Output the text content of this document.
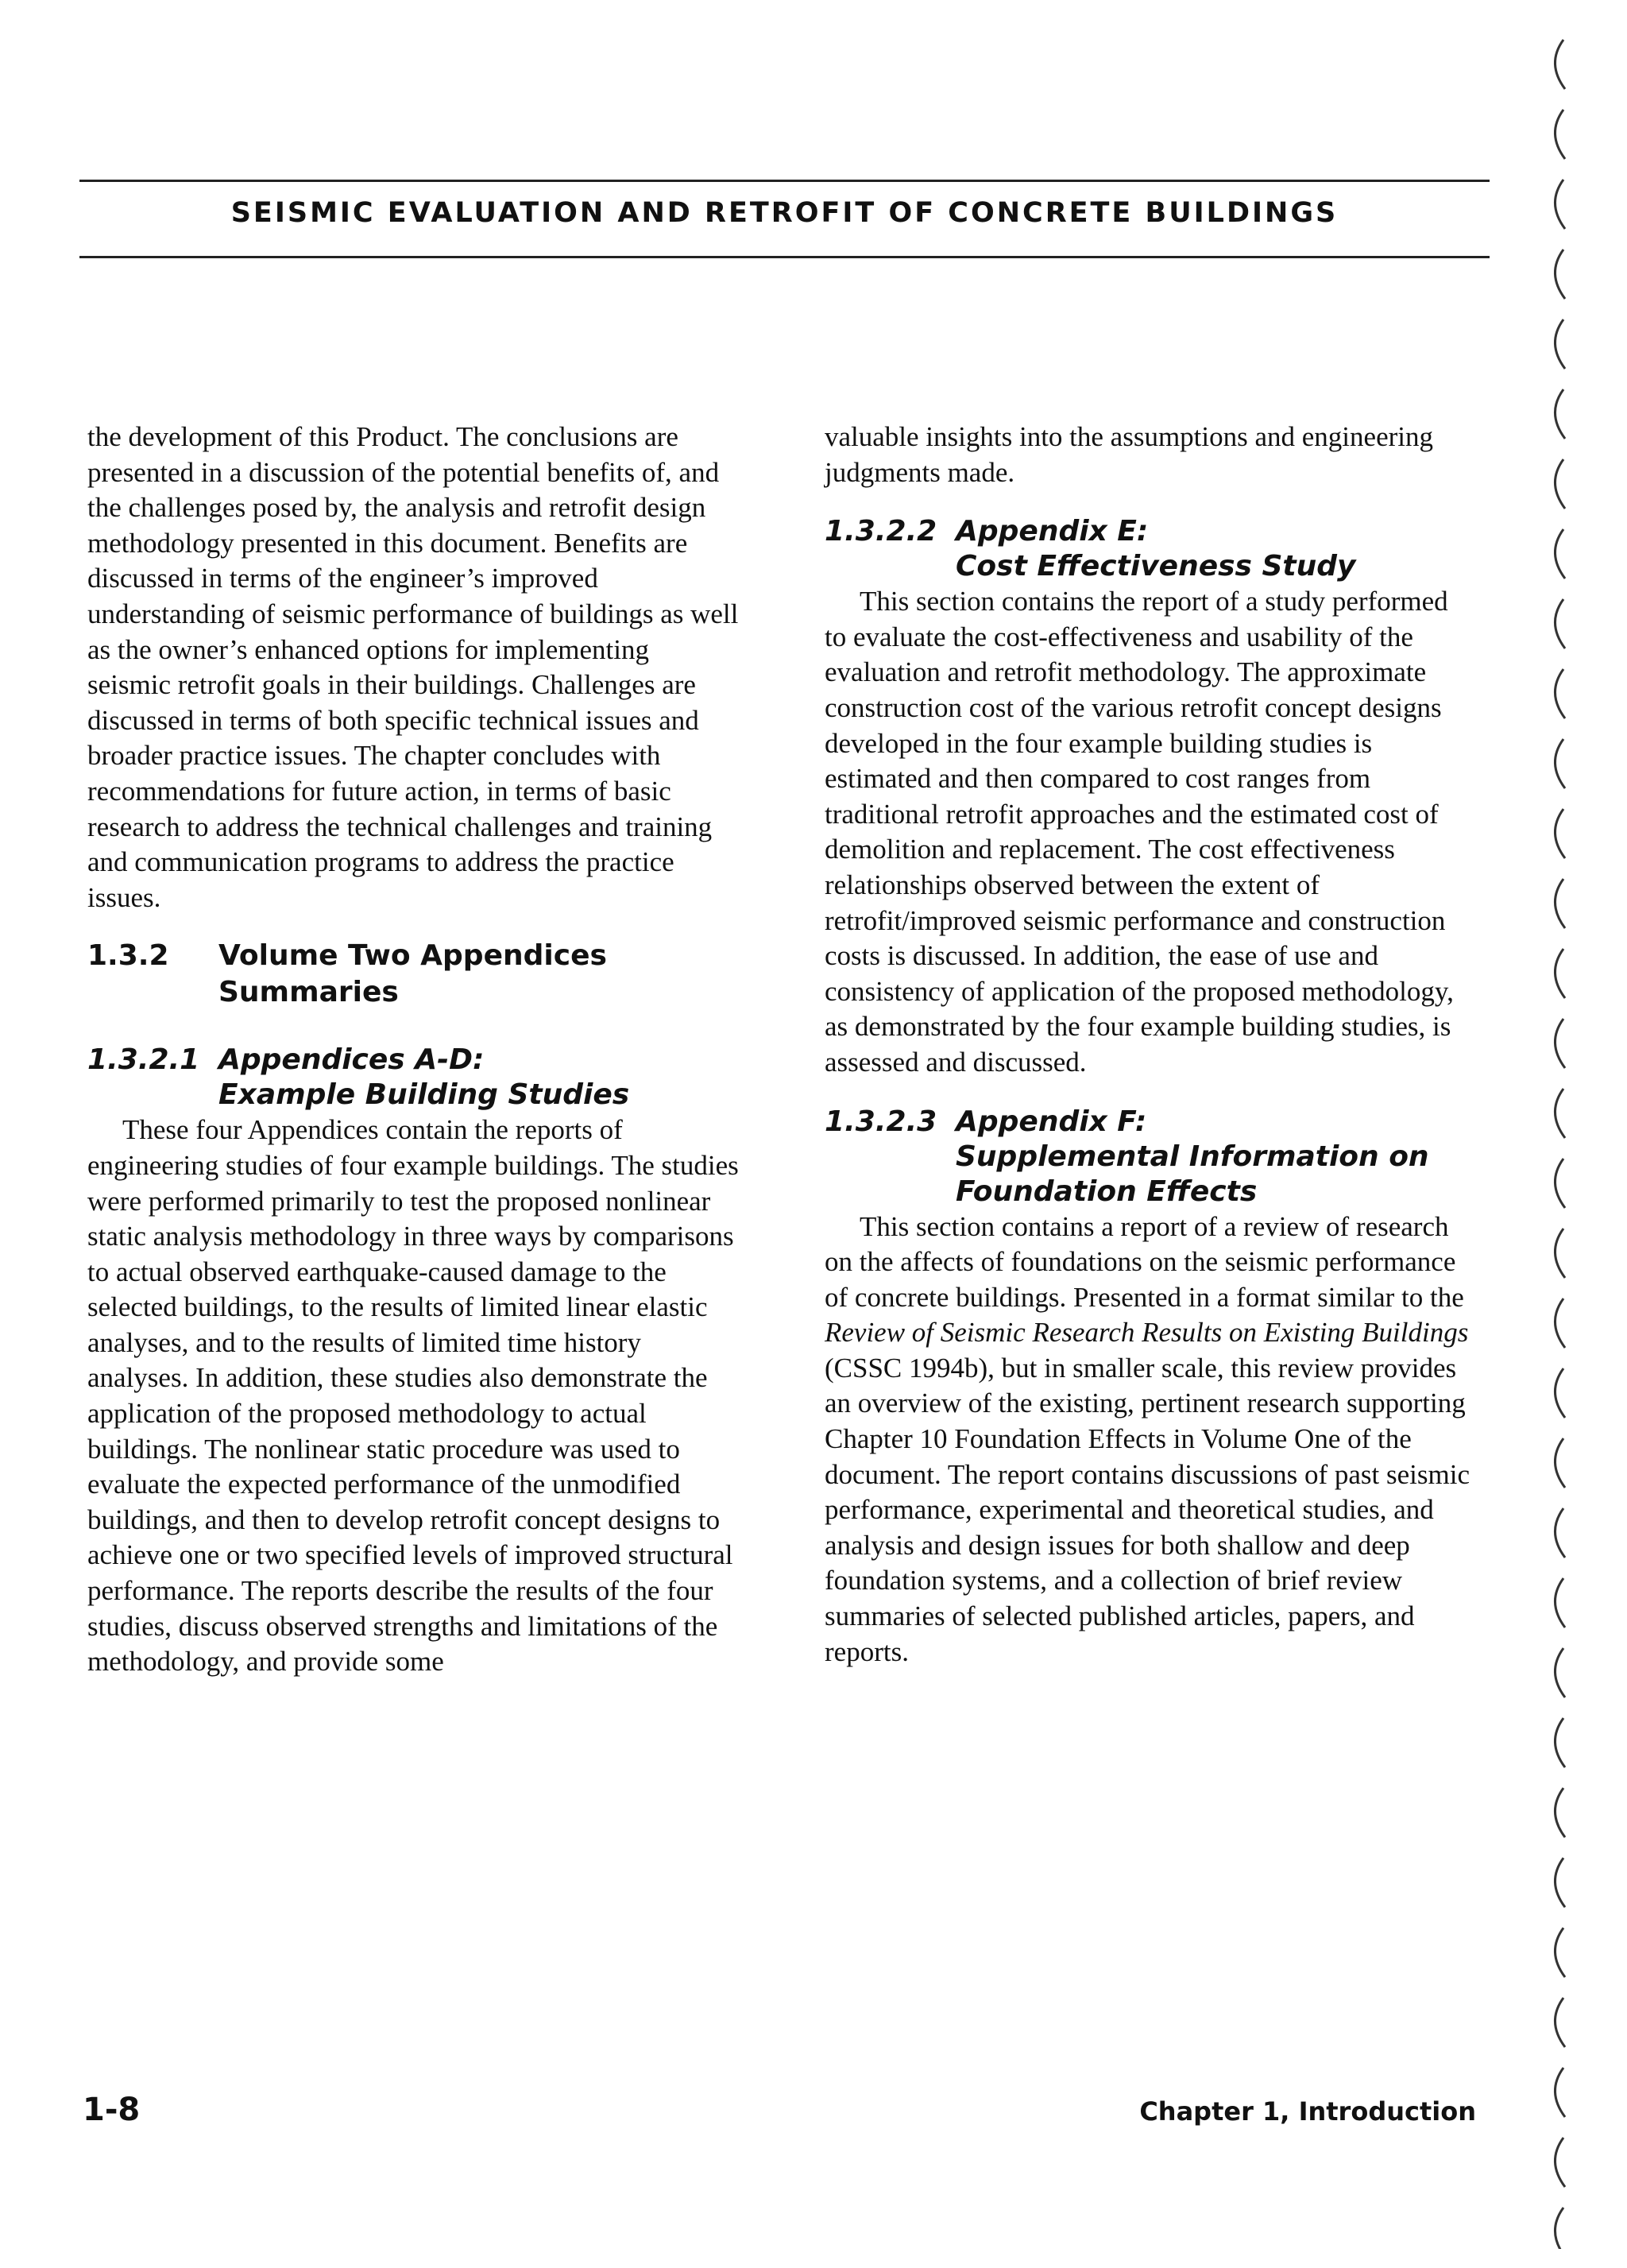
SEISMIC EVALUATION AND RETROFIT OF CONCRETE BUILDINGS

the development of this Product. The conclusions are presented in a discussion of the potential benefits of, and the challenges posed by, the analysis and retrofit design methodology presented in this document. Benefits are discussed in terms of the engineer’s improved understanding of seismic performance of buildings as well as the owner’s enhanced options for implementing seismic retrofit goals in their buildings. Challenges are discussed in terms of both specific technical issues and broader practice issues. The chapter concludes with recommendations for future action, in terms of basic research to address the technical challenges and training and communication programs to address the practice issues.

1.3.2	Volume Two Appendices Summaries
1.3.2.1 Appendices A-D:
Example Building Studies

These four Appendices contain the reports of engineering studies of four example buildings. The studies were performed primarily to test the proposed nonlinear static analysis methodology in three ways by comparisons to actual observed earthquake-caused damage to the selected buildings, to the results of limited linear elastic analyses, and to the results of limited time history analyses. In addition, these studies also demonstrate the application of the proposed methodology to actual buildings. The nonlinear static procedure was used to evaluate the expected performance of the unmodified buildings, and then to develop retrofit concept designs to achieve one or two specified levels of improved structural performance. The reports describe the results of the four studies, discuss observed strengths and limitations of the methodology, and provide some

valuable insights into the assumptions and engineering judgments made.

1.3.2.2 Appendix E:
Cost Effectiveness Study

This section contains the report of a study performed to evaluate the cost-effectiveness and usability of the evaluation and retrofit methodology. The approximate construction cost of the various retrofit concept designs developed in the four example building studies is estimated and then compared to cost ranges from traditional retrofit approaches and the estimated cost of demolition and replacement. The cost effectiveness relationships observed between the extent of retrofit/improved seismic performance and construction costs is discussed. In addition, the ease of use and consistency of application of the proposed methodology, as demonstrated by the four example building studies, is assessed and discussed.

1.3.2.3 Appendix F:
Supplemental Information on Foundation Effects

This section contains a report of a review of research on the affects of foundations on the seismic performance of concrete buildings. Presented in a format similar to the Review of Seismic Research Results on Existing Buildings (CSSC 1994b), but in smaller scale, this review provides an overview of the existing, pertinent research supporting Chapter 10 Foundation Effects in Volume One of the document. The report contains discussions of past seismic performance, experimental and theoretical studies, and analysis and design issues for both shallow and deep foundation systems, and a collection of brief review summaries of selected published articles, papers, and reports.

1-8	Chapter 1, Introduction
